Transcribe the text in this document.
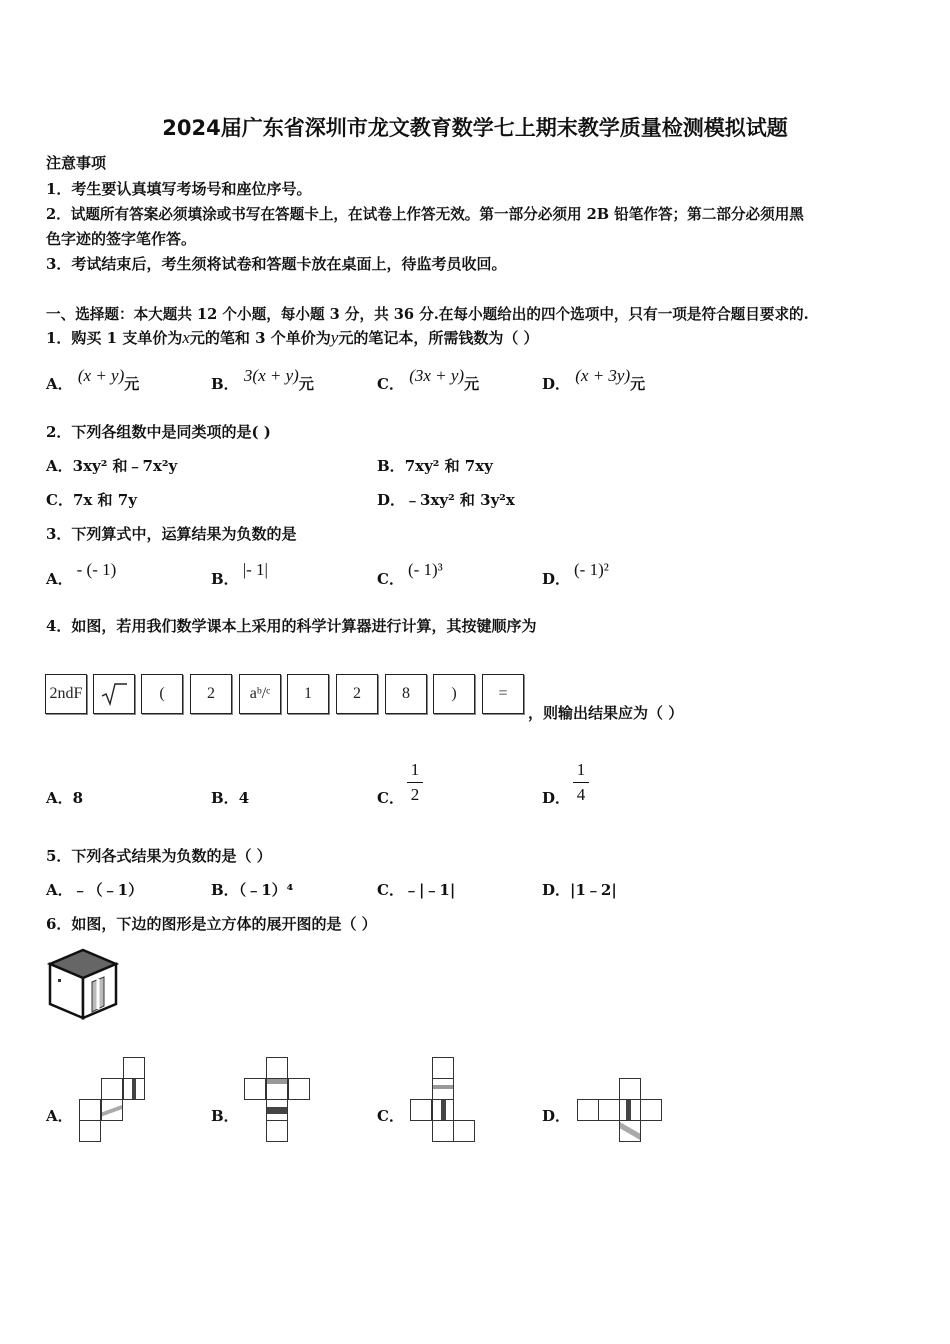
2024届广东省深圳市龙文教育数学七上期末教学质量检测模拟试题
注意事项
1．考生要认真填写考场号和座位序号。
2．试题所有答案必须填涂或书写在答题卡上，在试卷上作答无效。第一部分必须用 2B 铅笔作答；第二部分必须用黑
色字迹的签字笔作答。
3．考试结束后，考生须将试卷和答题卡放在桌面上，待监考员收回。
一、选择题：本大题共 12 个小题，每小题 3 分，共 36 分.在每小题给出的四个选项中，只有一项是符合题目要求的.
1．购买 1 支单价为x元的笔和 3 个单价为y元的笔记本，所需钱数为（ ）
A． (x + y)元	B． 3(x + y)元	C． (3x + y)元	D． (x + 3y)元
2．下列各组数中是同类项的是( )
A．3xy² 和﹣7x²y	B．7xy² 和 7xy
C．7x 和 7y	D．﹣3xy² 和 3y²x
3．下列算式中，运算结果为负数的是
A． - (- 1)	B． |- 1|	C． (- 1)³	D． (- 1)²
4．如图，若用我们数学课本上采用的科学计算器进行计算，其按键顺序为
2ndF	(	2	aᵇ/ᶜ	1	2	8	)	=
，则输出结果应为（ ）
A．8	B．4	C．
1
2	D．
1
4
5．下列各式结果为负数的是（ ）
A．﹣（﹣1）	B．（﹣1）⁴	C．﹣|﹣1|	D．|1﹣2|
6．如图，下边的图形是立方体的展开图的是（ ）
A．	B．	C．	D．
